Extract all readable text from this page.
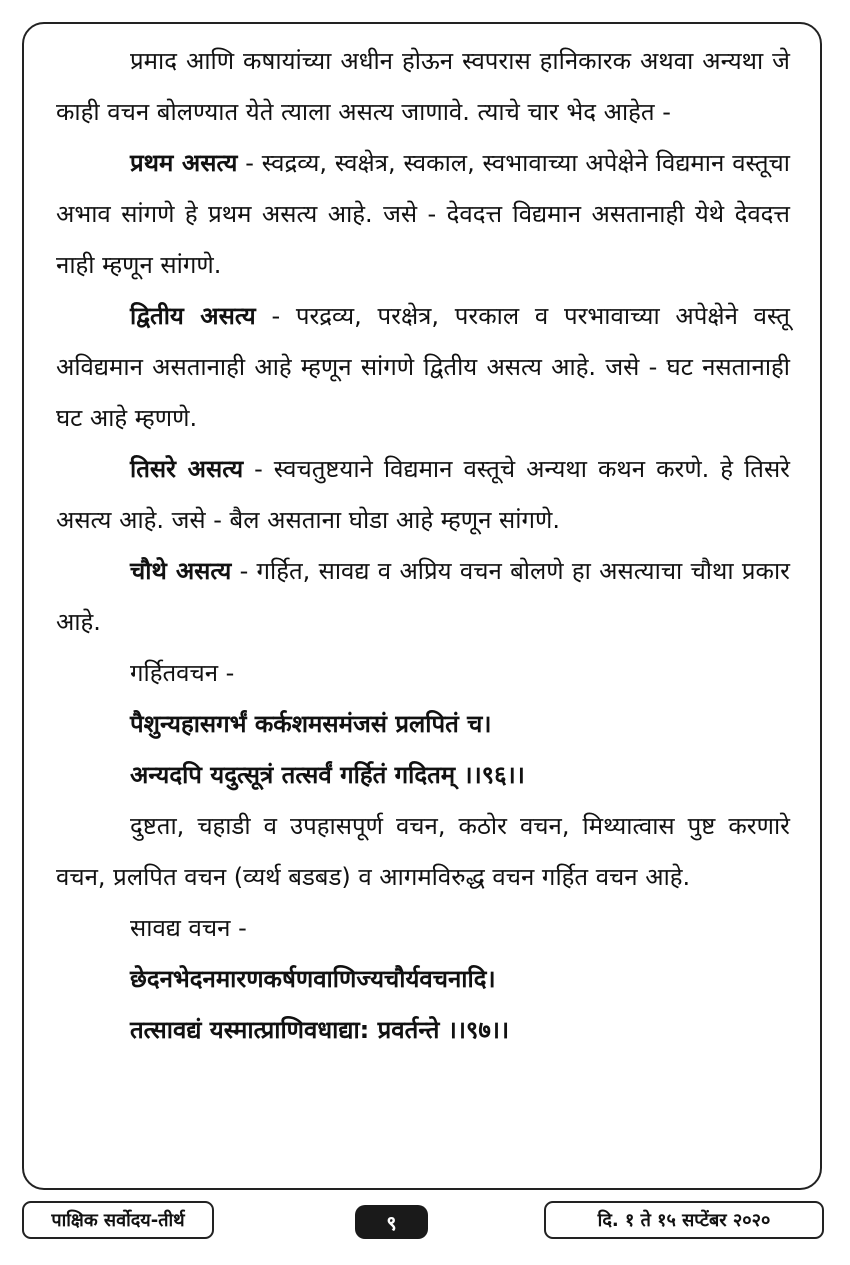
प्रमाद आणि कषायांच्या अधीन होऊन स्वपरास हानिकारक अथवा अन्यथा जे काही वचन बोलण्यात येते त्याला असत्य जाणावे. त्याचे चार भेद आहेत -

प्रथम असत्य - स्वद्रव्य, स्वक्षेत्र, स्वकाल, स्वभावाच्या अपेक्षेने विद्यमान वस्तूचा अभाव सांगणे हे प्रथम असत्य आहे. जसे - देवदत्त विद्यमान असतानाही येथे देवदत्त नाही म्हणून सांगणे.

द्वितीय असत्य - परद्रव्य, परक्षेत्र, परकाल व परभावाच्या अपेक्षेने वस्तू अविद्यमान असतानाही आहे म्हणून सांगणे द्वितीय असत्य आहे. जसे - घट नसतानाही घट आहे म्हणणे.

तिसरे असत्य - स्वचतुष्टयाने विद्यमान वस्तूचे अन्यथा कथन करणे. हे तिसरे असत्य आहे. जसे - बैल असताना घोडा आहे म्हणून सांगणे.

चौथे असत्य - गर्हित, सावद्य व अप्रिय वचन बोलणे हा असत्याचा चौथा प्रकार आहे.

गर्हितवचन -

पैशुन्यहासगर्भं कर्कशमसमंजसं प्रलपितं च।

अन्यदपि यदुत्सूत्रं तत्सर्वं गर्हितं गदितम् ।।९६।।

दुष्टता, चहाडी व उपहासपूर्ण वचन, कठोर वचन, मिथ्यात्वास पुष्ट करणारे वचन, प्रलपित वचन (व्यर्थ बडबड) व आगमविरुद्ध वचन गर्हित वचन आहे.

सावद्य वचन -

छेदनभेदनमारणकर्षणवाणिज्यचौर्यवचनादि।

तत्सावद्यं यस्मात्प्राणिवधाद्या: प्रवर्तन्ते ।।९७।।

पाक्षिक सर्वोदय-तीर्थ	९	दि. १ ते १५ सप्टेंबर २०२०
